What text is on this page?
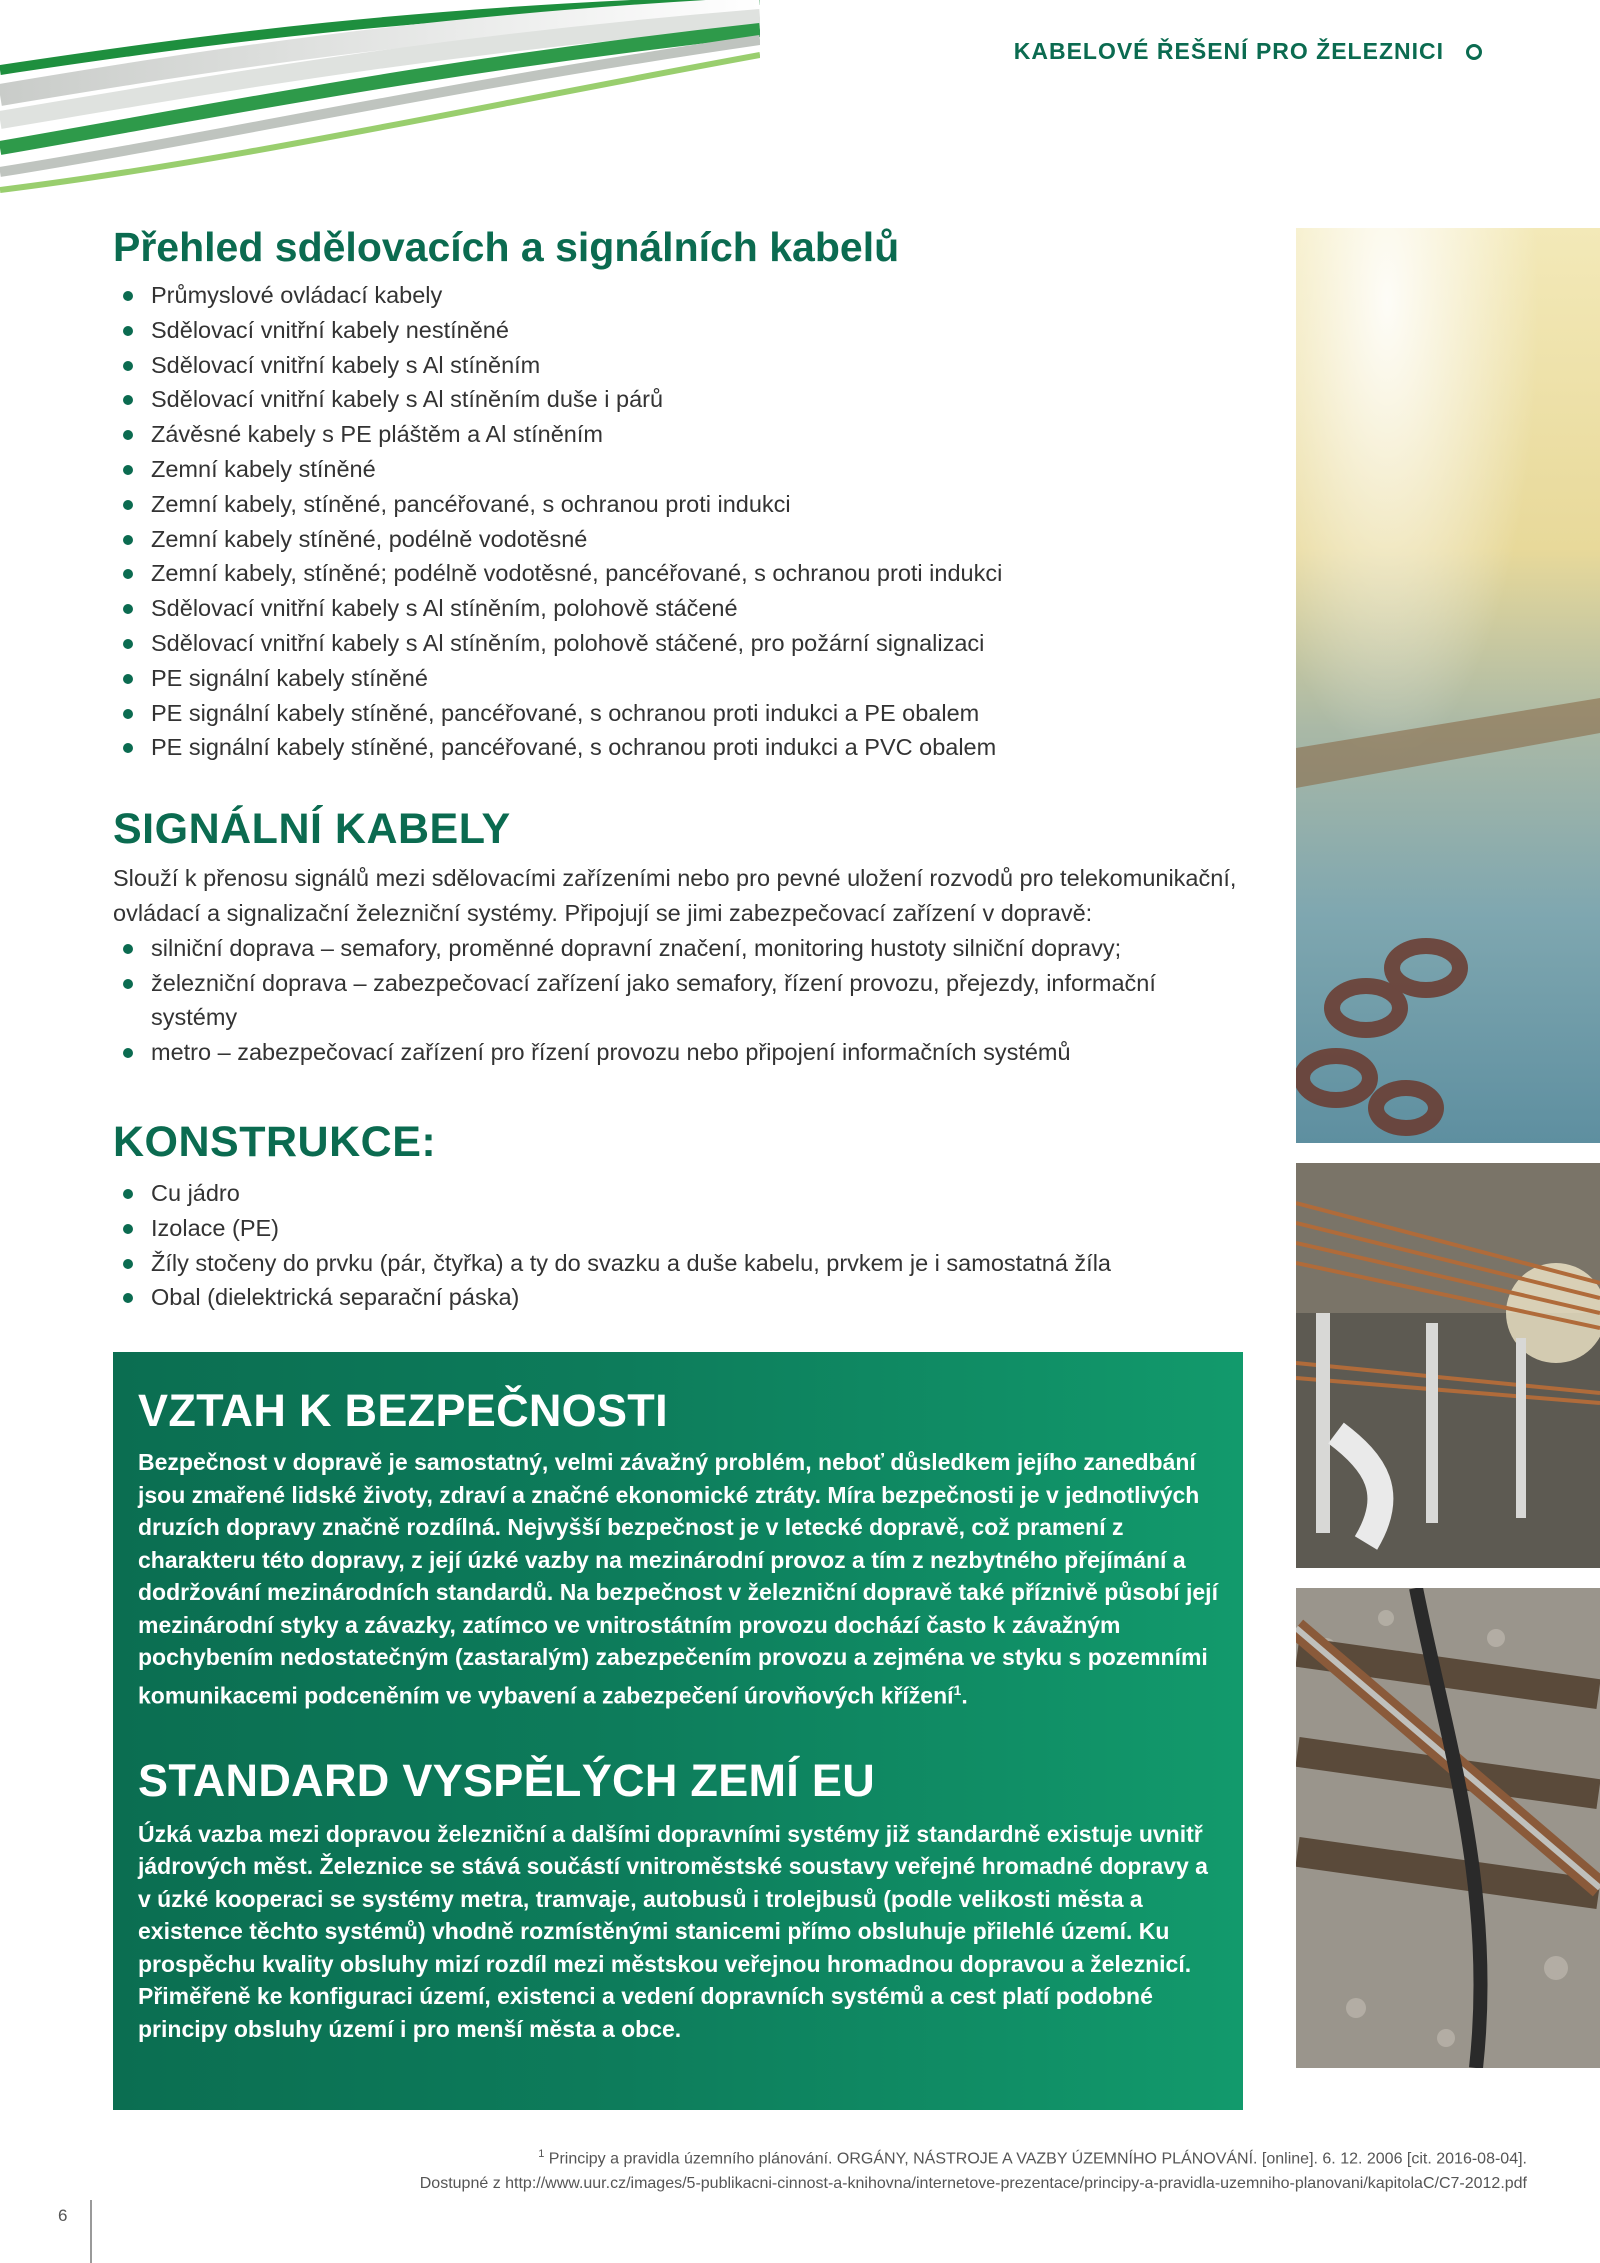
KABELOVÉ ŘEŠENÍ PRO ŽELEZNICI
Přehled sdělovacích a signálních kabelů
Průmyslové ovládací kabely
Sdělovací vnitřní kabely nestíněné
Sdělovací vnitřní kabely s Al stíněním
Sdělovací vnitřní kabely s Al stíněním duše i párů
Závěsné kabely s PE pláštěm a Al stíněním
Zemní kabely stíněné
Zemní kabely, stíněné, pancéřované, s ochranou proti indukci
Zemní kabely stíněné, podélně vodotěsné
Zemní kabely, stíněné; podélně vodotěsné, pancéřované, s ochranou proti indukci
Sdělovací vnitřní kabely s Al stíněním, polohově stáčené
Sdělovací vnitřní kabely s Al stíněním, polohově stáčené, pro požární signalizaci
PE signální kabely stíněné
PE signální kabely stíněné, pancéřované, s ochranou proti indukci a PE obalem
PE signální kabely stíněné, pancéřované, s ochranou proti indukci a PVC obalem
SIGNÁLNÍ KABELY

Slouží k přenosu signálů mezi sdělovacími zařízeními nebo pro pevné uložení rozvodů pro telekomunikační, ovládací a signalizační železniční systémy. Připojují se jimi zabezpečovací zařízení v dopravě:

silniční doprava – semafory, proměnné dopravní značení, monitoring hustoty silniční dopravy;
železniční doprava – zabezpečovací zařízení jako semafory, řízení provozu, přejezdy, informační systémy
metro – zabezpečovací zařízení pro řízení provozu nebo připojení informačních systémů
KONSTRUKCE:
Cu jádro
Izolace (PE)
Žíly stočeny do prvku (pár, čtyřka) a ty do svazku a duše kabelu, prvkem je i samostatná žíla
Obal (dielektrická separační páska)
VZTAH K BEZPEČNOSTI

Bezpečnost v dopravě je samostatný, velmi závažný problém, neboť důsledkem jejího zanedbání jsou zmařené lidské životy, zdraví a značné ekonomické ztráty. Míra bezpečnosti je v jednotlivých druzích dopravy značně rozdílná. Nejvyšší bezpečnost je v letecké dopravě, což pramení z charakteru této dopravy, z její úzké vazby na mezinárodní provoz a tím z nezbytného přejímání a dodržování mezinárodních standardů. Na bezpečnost v železniční dopravě také příznivě působí její mezinárodní styky a závazky, zatímco ve vnitrostátním provozu dochází často k závažným pochybením nedostatečným (zastaralým) zabezpečením provozu a zejména ve styku s pozemními komunikacemi podceněním ve vybavení a zabezpečení úrovňových křížení$^1$.

STANDARD VYSPĚLÝCH ZEMÍ EU

Úzká vazba mezi dopravou železniční a dalšími dopravními systémy již standardně existuje uvnitř jádrových měst. Železnice se stává součástí vnitroměstské soustavy veřejné hromadné dopravy a v úzké kooperaci se systémy metra, tramvaje, autobusů i trolejbusů (podle velikosti města a existence těchto systémů) vhodně rozmístěnými stanicemi přímo obsluhuje přilehlé území. Ku prospěchu kvality obsluhy mizí rozdíl mezi městskou veřejnou hromadnou dopravou a železnicí. Přiměřeně ke konfiguraci území, existenci a vedení dopravních systémů a cest platí podobné principy obsluhy území i pro menší města a obce.

$^1$ Principy a pravidla územního plánování. ORGÁNY, NÁSTROJE A VAZBY ÚZEMNÍHO PLÁNOVÁNÍ. [online]. 6. 12. 2006 [cit. 2016-08-04].
Dostupné z http://www.uur.cz/images/5-publikacni-cinnost-a-knihovna/internetove-prezentace/principy-a-pravidla-uzemniho-planovani/kapitolaC/C7-2012.pdf
6
